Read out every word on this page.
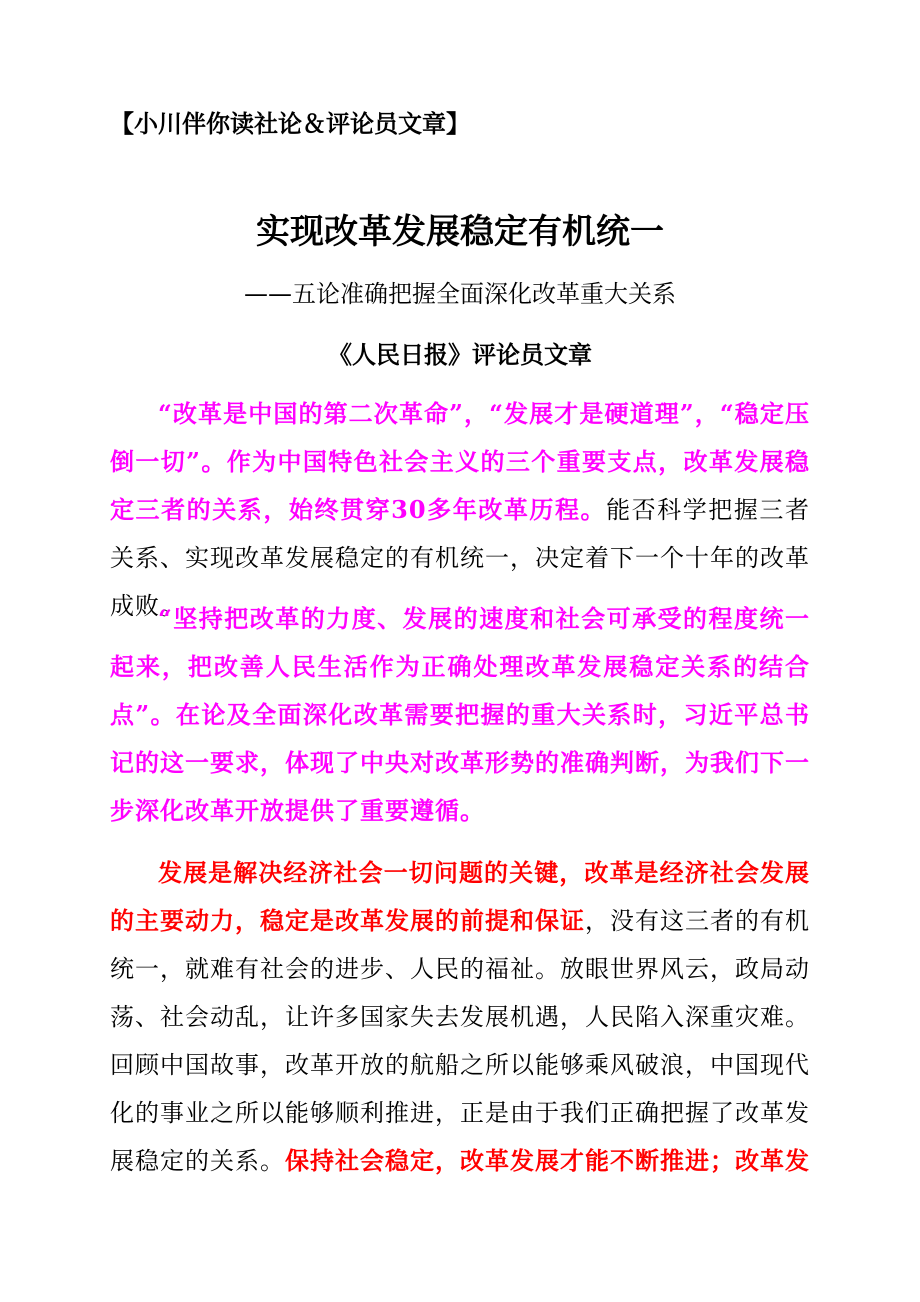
【小川伴你读社论＆评论员文章】
实现改革发展稳定有机统一
——五论准确把握全面深化改革重大关系
《人民日报》评论员文章
“改革是中国的第二次革命”，“发展才是硬道理”，“稳定压倒一切”。作为中国特色社会主义的三个重要支点，改革发展稳定三者的关系，始终贯穿30多年改革历程。能否科学把握三者关系、实现改革发展稳定的有机统一，决定着下一个十年的改革成败。
“坚持把改革的力度、发展的速度和社会可承受的程度统一起来，把改善人民生活作为正确处理改革发展稳定关系的结合点”。在论及全面深化改革需要把握的重大关系时，习近平总书记的这一要求，体现了中央对改革形势的准确判断，为我们下一步深化改革开放提供了重要遵循。
发展是解决经济社会一切问题的关键，改革是经济社会发展的主要动力，稳定是改革发展的前提和保证，没有这三者的有机统一，就难有社会的进步、人民的福祉。放眼世界风云，政局动荡、社会动乱，让许多国家失去发展机遇，人民陷入深重灾难。回顾中国故事，改革开放的航船之所以能够乘风破浪，中国现代化的事业之所以能够顺利推进，正是由于我们正确把握了改革发展稳定的关系。保持社会稳定，改革发展才能不断推进；改革发
